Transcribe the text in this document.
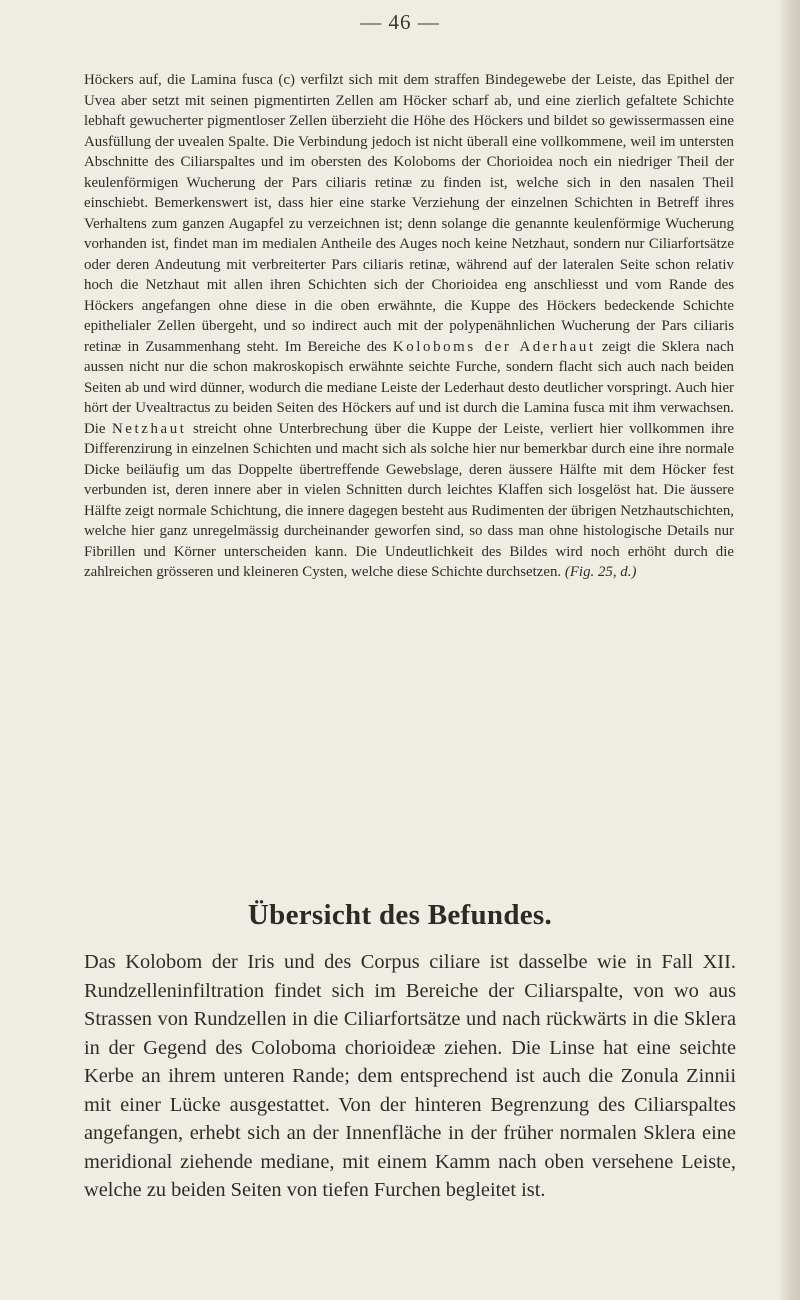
— 46 —

Höckers auf, die Lamina fusca (c) verfilzt sich mit dem straffen Bindegewebe der Leiste, das Epithel der Uvea aber setzt mit seinen pigmentirten Zellen am Höcker scharf ab, und eine zierlich gefaltete Schichte lebhaft gewucherter pigmentloser Zellen überzieht die Höhe des Höckers und bildet so gewissermassen eine Ausfüllung der uvealen Spalte. Die Verbindung jedoch ist nicht überall eine vollkommene, weil im untersten Abschnitte des Ciliarspaltes und im obersten des Koloboms der Chorioidea noch ein niedriger Theil der keulenförmigen Wucherung der Pars ciliaris retinæ zu finden ist, welche sich in den nasalen Theil einschiebt. Bemerkenswert ist, dass hier eine starke Verziehung der einzelnen Schichten in Betreff ihres Verhaltens zum ganzen Augapfel zu verzeichnen ist; denn solange die genannte keulenförmige Wucherung vorhanden ist, findet man im medialen Antheile des Auges noch keine Netzhaut, sondern nur Ciliarfortsätze oder deren Andeutung mit verbreiterter Pars ciliaris retinæ, während auf der lateralen Seite schon relativ hoch die Netzhaut mit allen ihren Schichten sich der Chorioidea eng anschliesst und vom Rande des Höckers angefangen ohne diese in die oben erwähnte, die Kuppe des Höckers bedeckende Schichte epithelialer Zellen übergeht, und so indirect auch mit der polypenähnlichen Wucherung der Pars ciliaris retinæ in Zusammenhang steht. Im Bereiche des Koloboms der Aderhaut zeigt die Sklera nach aussen nicht nur die schon makroskopisch erwähnte seichte Furche, sondern flacht sich auch nach beiden Seiten ab und wird dünner, wodurch die mediane Leiste der Lederhaut desto deutlicher vorspringt. Auch hier hört der Uvealtractus zu beiden Seiten des Höckers auf und ist durch die Lamina fusca mit ihm verwachsen. Die Netzhaut streicht ohne Unterbrechung über die Kuppe der Leiste, verliert hier vollkommen ihre Differenzirung in einzelnen Schichten und macht sich als solche hier nur bemerkbar durch eine ihre normale Dicke beiläufig um das Doppelte übertreffende Gewebslage, deren äussere Hälfte mit dem Höcker fest verbunden ist, deren innere aber in vielen Schnitten durch leichtes Klaffen sich losgelöst hat. Die äussere Hälfte zeigt normale Schichtung, die innere dagegen besteht aus Rudimenten der übrigen Netzhautschichten, welche hier ganz unregelmässig durcheinander geworfen sind, so dass man ohne histologische Details nur Fibrillen und Körner unterscheiden kann. Die Undeutlichkeit des Bildes wird noch erhöht durch die zahlreichen grösseren und kleineren Cysten, welche diese Schichte durchsetzen. (Fig. 25, d.)

Übersicht des Befundes.

Das Kolobom der Iris und des Corpus ciliare ist dasselbe wie in Fall XII. Rundzelleninfiltration findet sich im Bereiche der Ciliarspalte, von wo aus Strassen von Rundzellen in die Ciliarfortsätze und nach rückwärts in die Sklera in der Gegend des Coloboma chorioideæ ziehen. Die Linse hat eine seichte Kerbe an ihrem unteren Rande; dem entsprechend ist auch die Zonula Zinnii mit einer Lücke ausgestattet. Von der hinteren Begrenzung des Ciliarspaltes angefangen, erhebt sich an der Innenfläche in der früher normalen Sklera eine meridional ziehende mediane, mit einem Kamm nach oben versehene Leiste, welche zu beiden Seiten von tiefen Furchen begleitet ist.
